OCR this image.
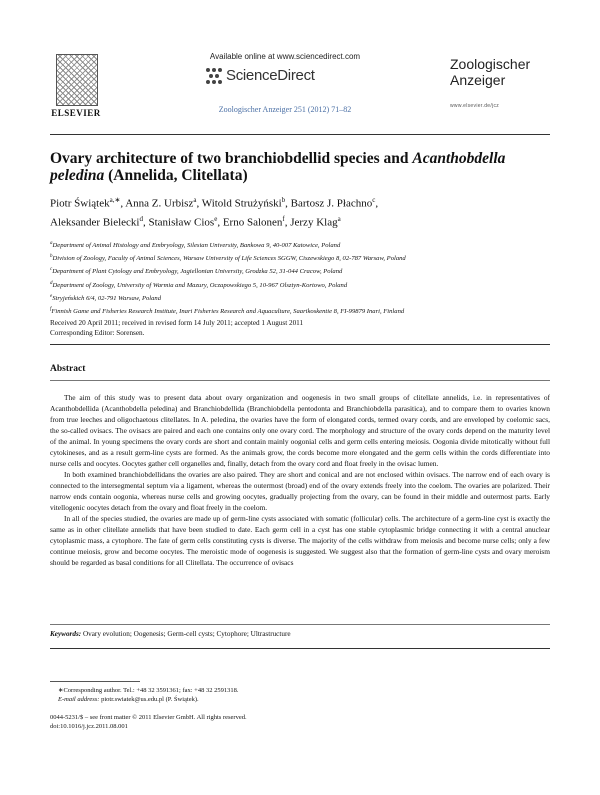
ELSEVIER
Available online at www.sciencedirect.com
ScienceDirect
Zoologischer Anzeiger 251 (2012) 71–82
Zoologischer
Anzeiger
www.elsevier.de/jcz
Ovary architecture of two branchiobdellid species and Acanthobdella peledina (Annelida, Clitellata)
Piotr Świątek$^{a,∗}$, Anna Z. Urbisz$^a$, Witold Strużyński$^b$, Bartosz J. Płachno$^c$,
Aleksander Bielecki$^d$, Stanisław Cios$^e$, Erno Salonen$^f$, Jerzy Klag$^a$
$^a$Department of Animal Histology and Embryology, Silesian University, Bankowa 9, 40-007 Katowice, Poland
$^b$Division of Zoology, Faculty of Animal Sciences, Warsaw University of Life Sciences SGGW, Ciszewskiego 8, 02-787 Warsaw, Poland
$^c$Department of Plant Cytology and Embryology, Jagiellonian University, Grodzka 52, 31-044 Cracow, Poland
$^d$Department of Zoology, University of Warmia and Mazury, Oczapowskiego 5, 10-967 Olsztyn-Kortowo, Poland
$^e$Stryjeńskich 6/4, 02-791 Warsaw, Poland
$^f$Finnish Game and Fisheries Research Institute, Inari Fisheries Research and Aquaculture, Saarikoskentie 8, FI-99879 Inari, Finland
Received 20 April 2011; received in revised form 14 July 2011; accepted 1 August 2011
Corresponding Editor: Sorensen.
Abstract

The aim of this study was to present data about ovary organization and oogenesis in two small groups of clitellate annelids, i.e. in representatives of Acanthobdellida (Acanthobdella peledina) and Branchiobdellida (Branchiobdella pentodonta and Branchiobdella parasitica), and to compare them to ovaries known from true leeches and oligochaetous clitellates. In A. peledina, the ovaries have the form of elongated cords, termed ovary cords, and are enveloped by coelomic sacs, the so-called ovisacs. The ovisacs are paired and each one contains only one ovary cord. The morphology and structure of the ovary cords depend on the maturity level of the animal. In young specimens the ovary cords are short and contain mainly oogonial cells and germ cells entering meiosis. Oogonia divide mitotically without full cytokineses, and as a result germ-line cysts are formed. As the animals grow, the cords become more elongated and the germ cells within the cords differentiate into nurse cells and oocytes. Oocytes gather cell organelles and, finally, detach from the ovary cord and float freely in the ovisac lumen.

In both examined branchiobdellidans the ovaries are also paired. They are short and conical and are not enclosed within ovisacs. The narrow end of each ovary is connected to the intersegmental septum via a ligament, whereas the outermost (broad) end of the ovary extends freely into the coelom. The ovaries are polarized. Their narrow ends contain oogonia, whereas nurse cells and growing oocytes, gradually projecting from the ovary, can be found in their middle and outermost parts. Early vitellogenic oocytes detach from the ovary and float freely in the coelom.

In all of the species studied, the ovaries are made up of germ-line cysts associated with somatic (follicular) cells. The architecture of a germ-line cyst is exactly the same as in other clitellate annelids that have been studied to date. Each germ cell in a cyst has one stable cytoplasmic bridge connecting it with a central anuclear cytoplasmic mass, a cytophore. The fate of germ cells constituting cysts is diverse. The majority of the cells withdraw from meiosis and become nurse cells; only a few continue meiosis, grow and become oocytes. The meroistic mode of oogenesis is suggested. We suggest also that the formation of germ-line cysts and ovary meroism should be regarded as basal conditions for all Clitellata. The occurrence of ovisacs

Keywords: Ovary evolution; Oogenesis; Germ-cell cysts; Cytophore; Ultrastructure
∗Corresponding author. Tel.: +48 32 3591361; fax: +48 32 2591318.
E-mail address: piotr.swiatek@us.edu.pl (P. Świątek).
0044-5231/$ – see front matter © 2011 Elsevier GmbH. All rights reserved.
doi:10.1016/j.jcz.2011.08.001
